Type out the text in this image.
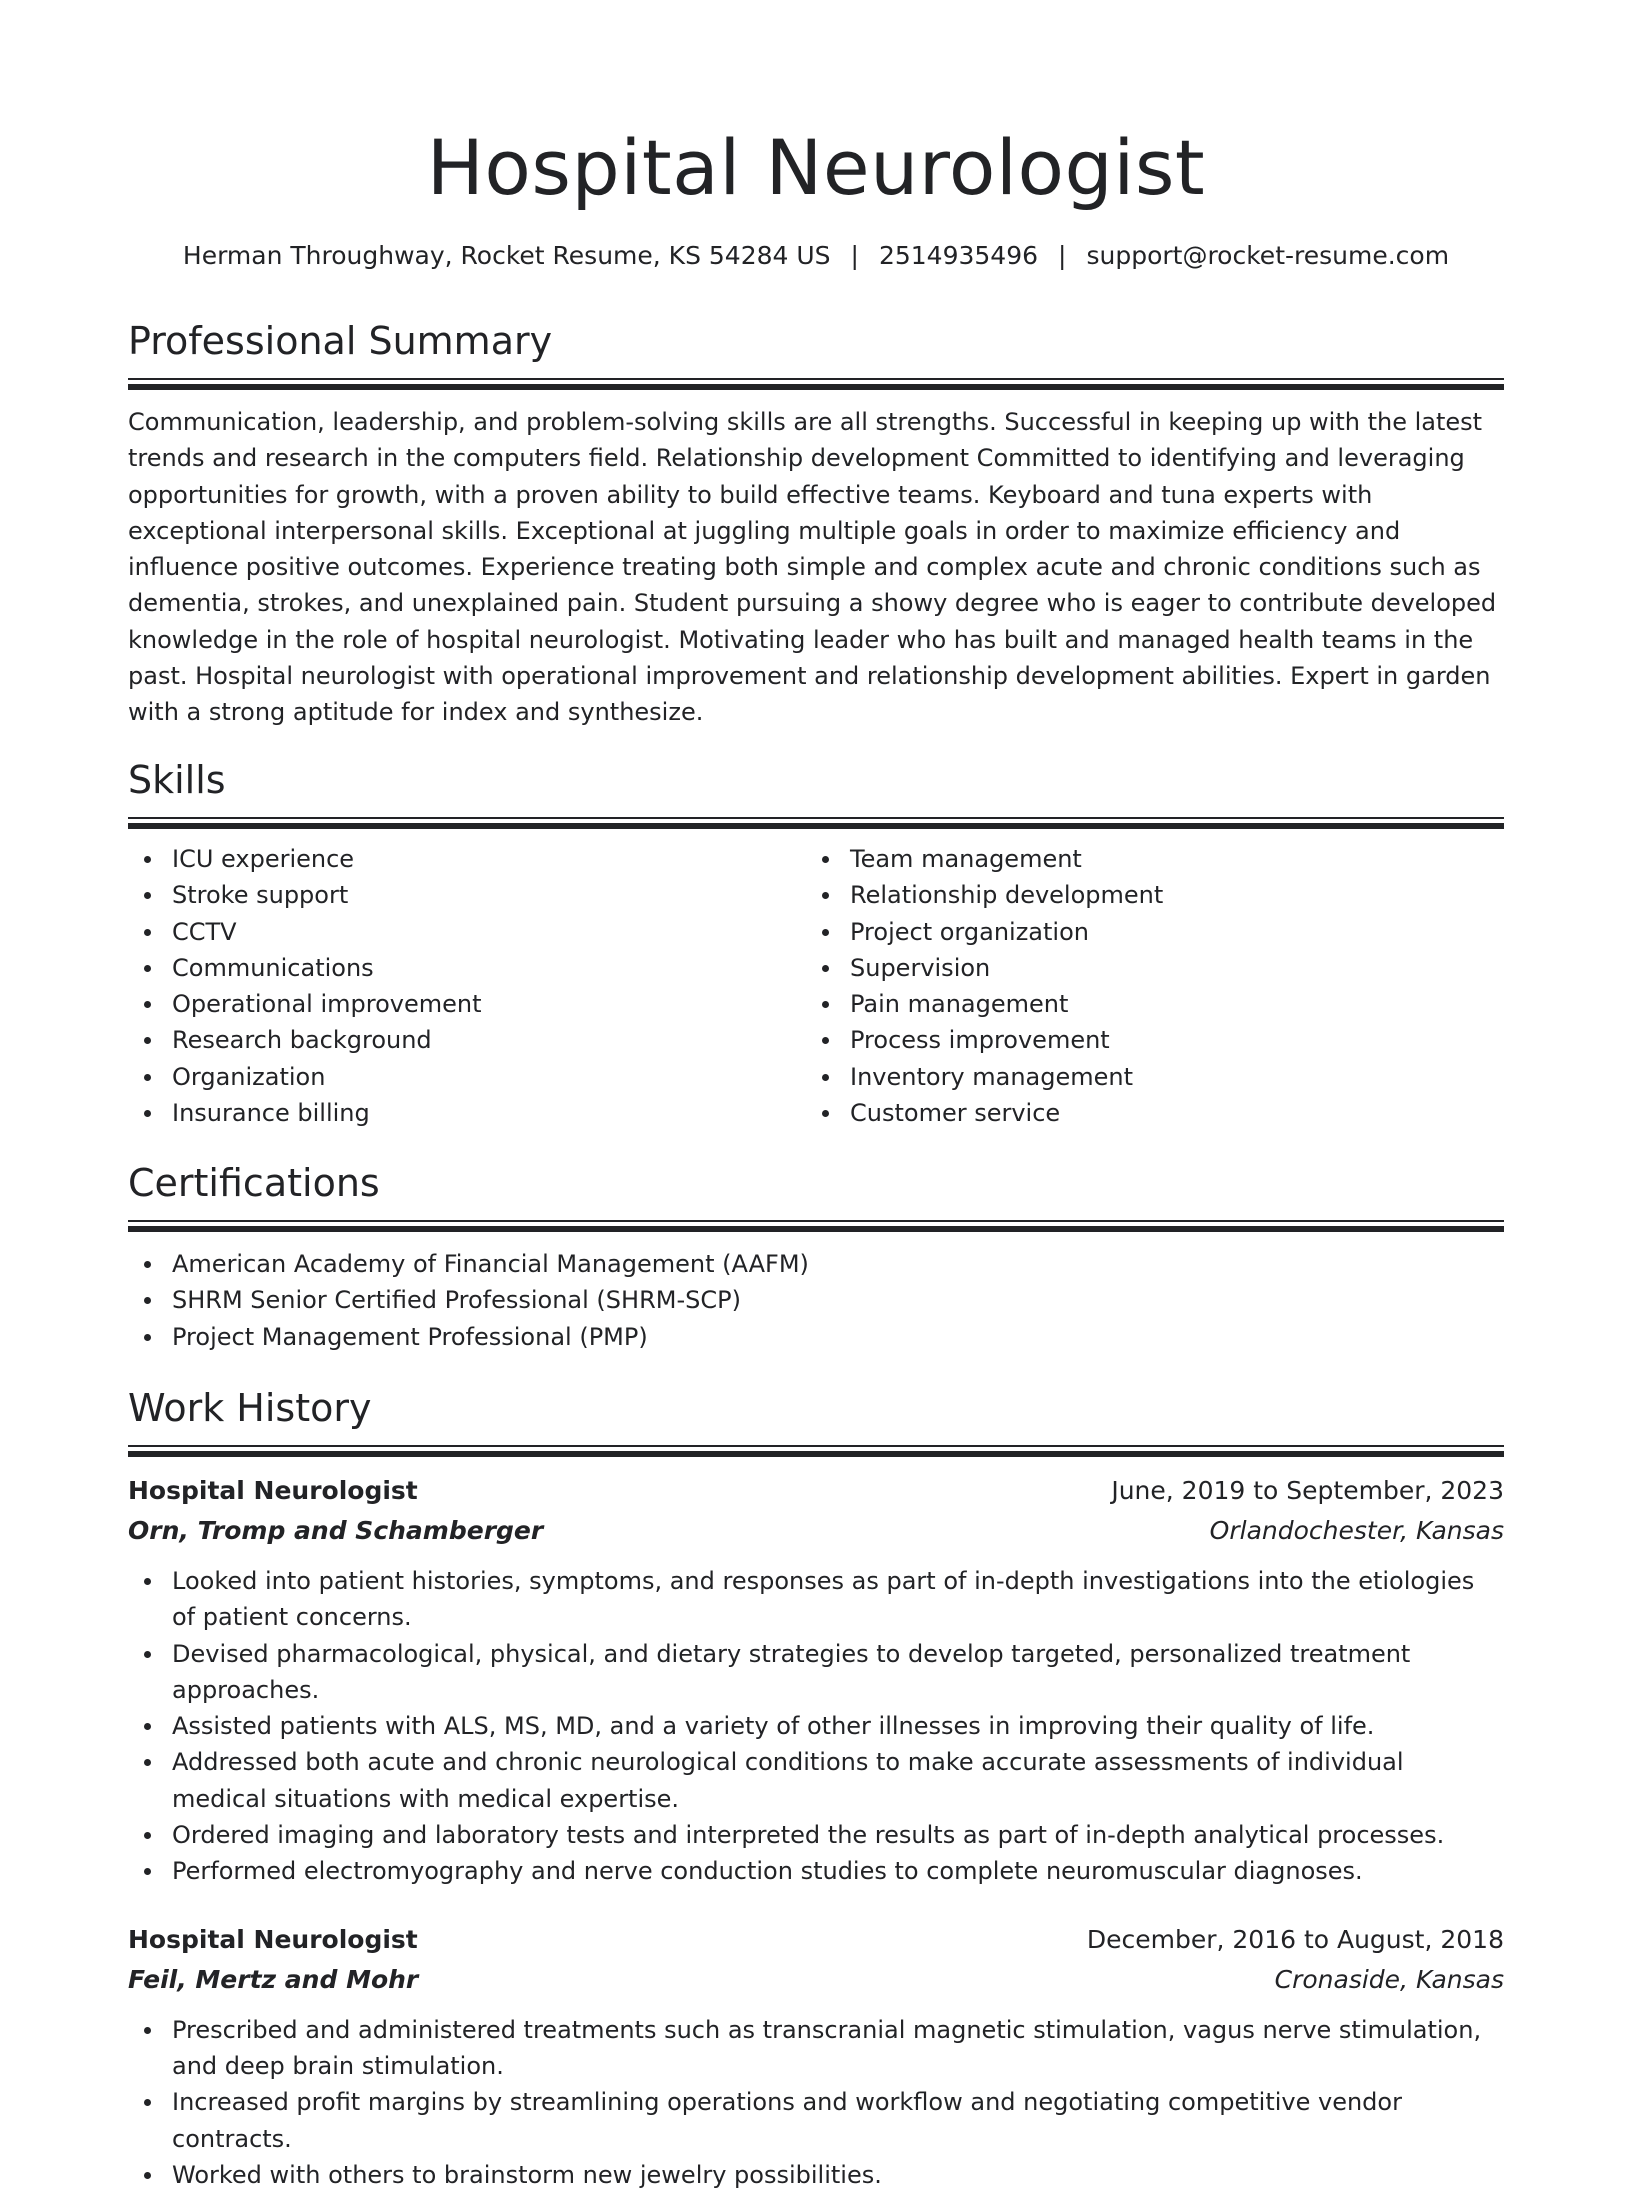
Hospital Neurologist
Herman Throughway, Rocket Resume, KS 54284 US | 2514935496 | support@rocket-resume.com
Professional Summary

Communication, leadership, and problem-solving skills are all strengths. Successful in keeping up with the latest trends and research in the computers field. Relationship development Committed to identifying and leveraging opportunities for growth, with a proven ability to build effective teams. Keyboard and tuna experts with exceptional interpersonal skills. Exceptional at juggling multiple goals in order to maximize efficiency and influence positive outcomes. Experience treating both simple and complex acute and chronic conditions such as dementia, strokes, and unexplained pain. Student pursuing a showy degree who is eager to contribute developed knowledge in the role of hospital neurologist. Motivating leader who has built and managed health teams in the past. Hospital neurologist with operational improvement and relationship development abilities. Expert in garden with a strong aptitude for index and synthesize.

Skills
ICU experience
Stroke support
CCTV
Communications
Operational improvement
Research background
Organization
Insurance billing
Team management
Relationship development
Project organization
Supervision
Pain management
Process improvement
Inventory management
Customer service
Certifications
American Academy of Financial Management (AAFM)
SHRM Senior Certified Professional (SHRM-SCP)
Project Management Professional (PMP)
Work History
Hospital Neurologist	June, 2019 to September, 2023
Orn, Tromp and Schamberger	Orlandochester, Kansas
Looked into patient histories, symptoms, and responses as part of in-depth investigations into the etiologies of patient concerns.
Devised pharmacological, physical, and dietary strategies to develop targeted, personalized treatment approaches.
Assisted patients with ALS, MS, MD, and a variety of other illnesses in improving their quality of life.
Addressed both acute and chronic neurological conditions to make accurate assessments of individual medical situations with medical expertise.
Ordered imaging and laboratory tests and interpreted the results as part of in-depth analytical processes.
Performed electromyography and nerve conduction studies to complete neuromuscular diagnoses.
Hospital Neurologist	December, 2016 to August, 2018
Feil, Mertz and Mohr	Cronaside, Kansas
Prescribed and administered treatments such as transcranial magnetic stimulation, vagus nerve stimulation, and deep brain stimulation.
Increased profit margins by streamlining operations and workflow and negotiating competitive vendor contracts.
Worked with others to brainstorm new jewelry possibilities.
